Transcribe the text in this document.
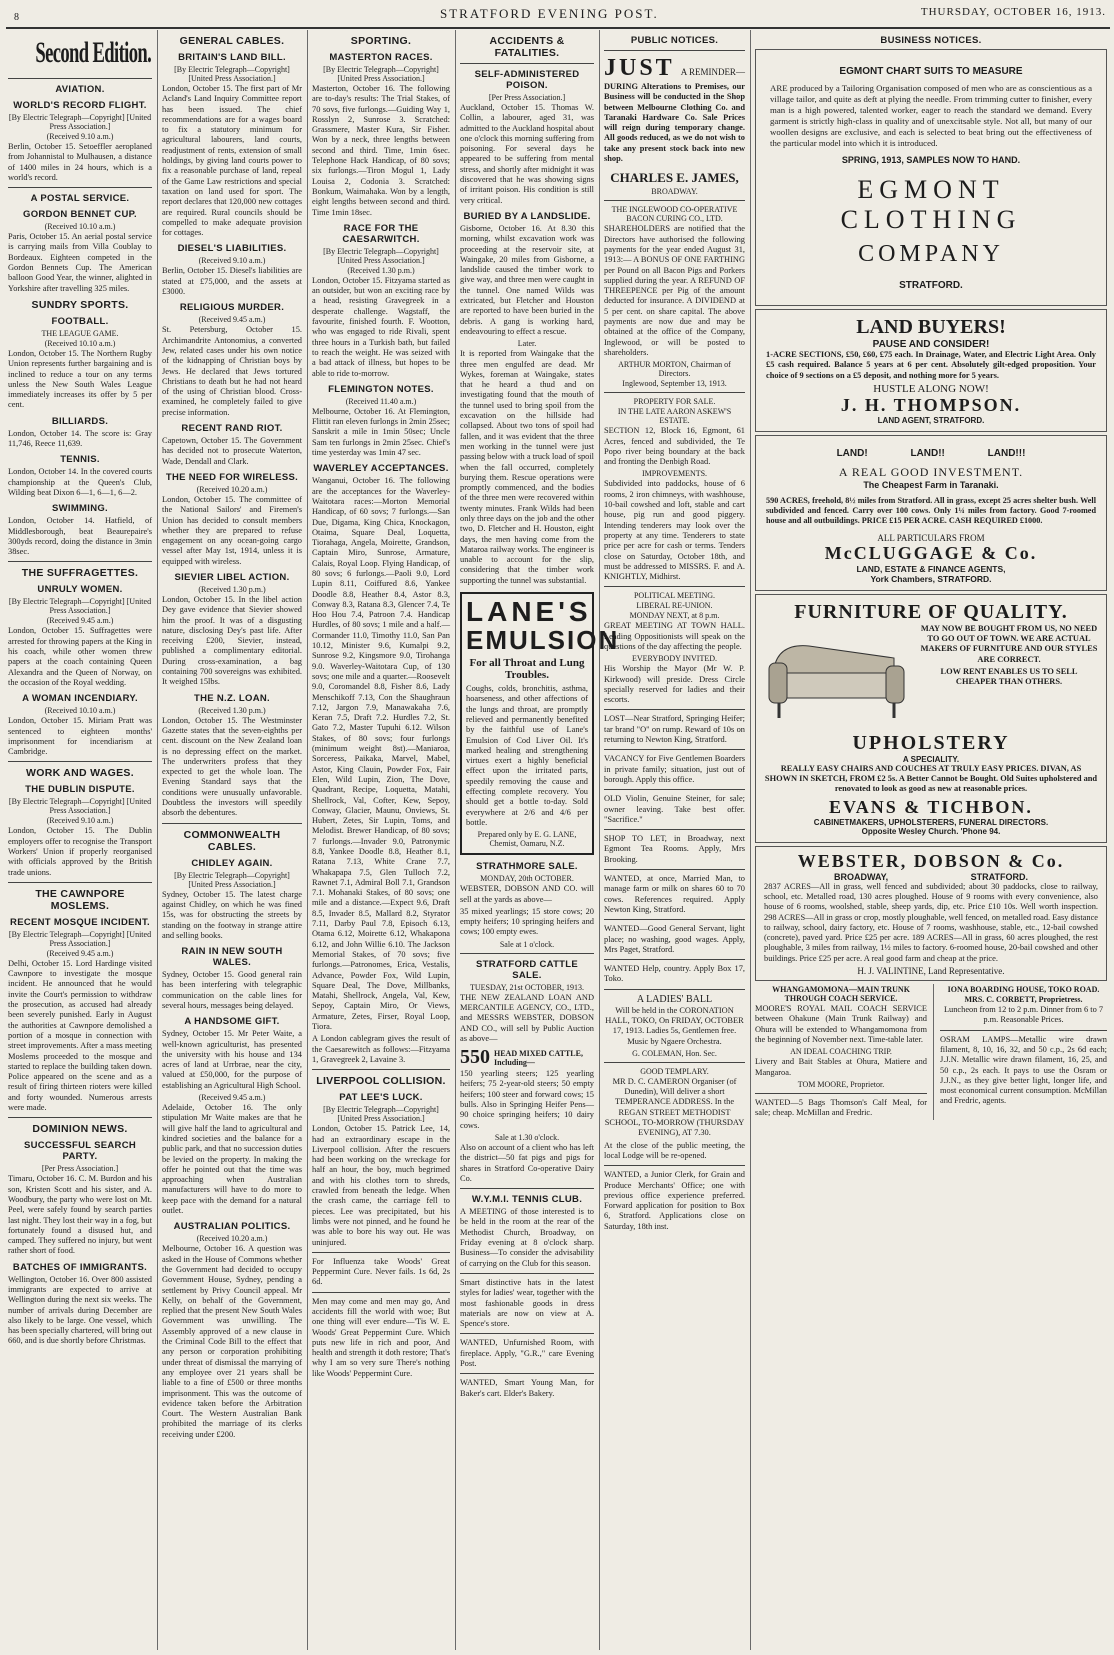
8	STRATFORD EVENING POST.	THURSDAY, OCTOBER 16, 1913.
Second Edition.
AVIATION.
WORLD'S RECORD FLIGHT.
[By Electric Telegraph—Copyright] [United Press Association.]
(Received 9.10 a.m.)

Berlin, October 15. Setoeffler aeroplaned from Johannistal to Mulhausen, a distance of 1400 miles in 24 hours, which is a world's record.

A POSTAL SERVICE.
GORDON BENNET CUP.
(Received 10.10 a.m.)

Paris, October 15. An aerial postal service is carrying mails from Villa Coublay to Bordeaux. Eighteen competed in the Gordon Bennets Cup. The American balloon Good Year, the winner, alighted in Yorkshire after travelling 325 miles.

SUNDRY SPORTS.
FOOTBALL.
THE LEAGUE GAME.
(Received 10.10 a.m.)

London, October 15. The Northern Rugby Union represents further bargaining and is inclined to reduce a tour on any terms unless the New South Wales League immediately increases its offer by 5 per cent.

BILLIARDS.

London, October 14. The score is: Gray 11,746, Reece 11,639.

TENNIS.

London, October 14. In the covered courts championship at the Queen's Club, Wilding beat Dixon 6—1, 6—1, 6—2.

SWIMMING.

London, October 14. Hatfield, of Middlesborough, beat Beaurepaire's 300yds record, doing the distance in 3min 38sec.

THE SUFFRAGETTES.
UNRULY WOMEN.
[By Electric Telegraph—Copyright] [United Press Association.]
(Received 9.45 a.m.)

London, October 15. Suffragettes were arrested for throwing papers at the King in his coach, while other women threw papers at the coach containing Queen Alexandra and the Queen of Norway, on the occasion of the Royal wedding.

A WOMAN INCENDIARY.
(Received 10.10 a.m.)

London, October 15. Miriam Pratt was sentenced to eighteen months' imprisonment for incendiarism at Cambridge.

WORK AND WAGES.
THE DUBLIN DISPUTE.
[By Electric Telegraph—Copyright] [United Press Association.]
(Received 9.10 a.m.)

London, October 15. The Dublin employers offer to recognise the Transport Workers' Union if properly reorganised with officials approved by the British trade unions.

THE CAWNPORE MOSLEMS.
RECENT MOSQUE INCIDENT.
[By Electric Telegraph—Copyright] [United Press Association.]
(Received 9.45 a.m.)

Delhi, October 15. Lord Hardinge visited Cawnpore to investigate the mosque incident. He announced that he would invite the Court's permission to withdraw the prosecution, as accused had already been severely punished. Early in August the authorities at Cawnpore demolished a portion of a mosque in connection with street improvements. After a mass meeting Moslems proceeded to the mosque and started to replace the building taken down. Police appeared on the scene and as a result of firing thirteen rioters were killed and forty wounded. Numerous arrests were made.

DOMINION NEWS.
SUCCESSFUL SEARCH PARTY.
[Per Press Association.]

Timaru, October 16. C. M. Burdon and his son, Kristen Scott and his sister, and A. Woodbury, the party who were lost on Mt. Peel, were safely found by search parties last night. They lost their way in a fog, but fortunately found a disused hut, and camped. They suffered no injury, but went rather short of food.

BATCHES OF IMMIGRANTS.

Wellington, October 16. Over 800 assisted immigrants are expected to arrive at Wellington during the next six weeks. The number of arrivals during December are also likely to be large. One vessel, which has been specially chartered, will bring out 660, and is due shortly before Christmas.

GENERAL CABLES.
BRITAIN'S LAND BILL.
[By Electric Telegraph—Copyright] [United Press Association.]

London, October 15. The first part of Mr Acland's Land Inquiry Committee report has been issued. The chief recommendations are for a wages board to fix a statutory minimum for agricultural labourers, land courts, readjustment of rents, extension of small holdings, by giving land courts power to fix a reasonable purchase of land, repeal of the Game Law restrictions and special taxation on land used for sport. The report declares that 120,000 new cottages are required. Rural councils should be compelled to make adequate provision for cottages.

DIESEL'S LIABILITIES.
(Received 9.10 a.m.)

Berlin, October 15. Diesel's liabilities are stated at £75,000, and the assets at £3000.

RELIGIOUS MURDER.
(Received 9.45 a.m.)

St. Petersburg, October 15. Archimandrite Antonomius, a converted Jew, related cases under his own notice of the kidnapping of Christian boys by Jews. He declared that Jews tortured Christians to death but he had not heard of the using of Christian blood. Cross-examined, he completely failed to give precise information.

RECENT RAND RIOT.

Capetown, October 15. The Government has decided not to prosecute Waterton, Wade, Dendall and Clark.

THE NEED FOR WIRELESS.
(Received 10.20 a.m.)

London, October 15. The committee of the National Sailors' and Firemen's Union has decided to consult members whether they are prepared to refuse engagement on any ocean-going cargo vessel after May 1st, 1914, unless it is equipped with wireless.

SIEVIER LIBEL ACTION.
(Received 1.30 p.m.)

London, October 15. In the libel action Dey gave evidence that Sievier showed him the proof. It was of a disgusting nature, disclosing Dey's past life. After receiving £200, Sievier, instead, published a complimentary editorial. During cross-examination, a bag containing 700 sovereigns was exhibited. It weighed 15lbs.

THE N.Z. LOAN.
(Received 1.30 p.m.)

London, October 15. The Westminster Gazette states that the seven-eighths per cent. discount on the New Zealand loan is no depressing effect on the market. The underwriters profess that they expected to get the whole loan. The Evening Standard says that the conditions were unusually unfavorable. Doubtless the investors will speedily absorb the debentures.

COMMONWEALTH CABLES.
CHIDLEY AGAIN.
[By Electric Telegraph—Copyright] [United Press Association.]

Sydney, October 15. The latest charge against Chidley, on which he was fined 15s, was for obstructing the streets by standing on the footway in strange attire and selling books.

RAIN IN NEW SOUTH WALES.

Sydney, October 15. Good general rain has been interfering with telegraphic communication on the cable lines for several hours, messages being delayed.

A HANDSOME GIFT.

Sydney, October 15. Mr Peter Waite, a well-known agriculturist, has presented the university with his house and 134 acres of land at Urrbrae, near the city, valued at £50,000, for the purpose of establishing an Agricultural High School.

(Received 9.45 a.m.)

Adelaide, October 16. The only stipulation Mr Waite makes are that he will give half the land to agricultural and kindred societies and the balance for a public park, and that no succession duties be levied on the property. In making the offer he pointed out that the time was approaching when Australian manufacturers will have to do more to keep pace with the demand for a natural outlet.

AUSTRALIAN POLITICS.
(Received 10.20 a.m.)

Melbourne, October 16. A question was asked in the House of Commons whether the Government had decided to occupy Government House, Sydney, pending a settlement by Privy Council appeal. Mr Kelly, on behalf of the Government, replied that the present New South Wales Government was unwilling. The Assembly approved of a new clause in the Criminal Code Bill to the effect that any person or corporation prohibiting under threat of dismissal the marrying of any employee over 21 years shall be liable to a fine of £500 or three months imprisonment. This was the outcome of evidence taken before the Arbitration Court. The Western Australian Bank prohibited the marriage of its clerks receiving under £200.

SPORTING.
MASTERTON RACES.
[By Electric Telegraph—Copyright] [United Press Association.]

Masterton, October 16. The following are to-day's results: The Trial Stakes, of 70 sovs, five furlongs.—Guiding Way 1, Rosslyn 2, Sunrose 3. Scratched: Grassmere, Master Kura, Sir Fisher. Won by a neck, three lengths between second and third. Time, 1min 6sec. Telephone Hack Handicap, of 80 sovs; six furlongs.—Tiron Mogul 1, Lady Louisa 2, Codonia 3. Scratched: Bonkum, Waimahaka. Won by a length, eight lengths between second and third. Time 1min 18sec.

RACE FOR THE CAESARWITCH.
[By Electric Telegraph—Copyright] [United Press Association.]
(Received 1.30 p.m.)

London, October 15. Fitzyama started as an outsider, but won an exciting race by a head, resisting Gravegreek in a desperate challenge. Wagstaff, the favourite, finished fourth. F. Wootton, who was engaged to ride Rivali, spent three hours in a Turkish bath, but failed to reach the weight. He was seized with a bad attack of illness, but hopes to be able to ride to-morrow.

FLEMINGTON NOTES.
(Received 11.40 a.m.)

Melbourne, October 16. At Flemington, Flittit ran eleven furlongs in 2min 25sec; Sanskrit a mile in 1min 50sec; Uncle Sam ten furlongs in 2min 25sec. Chief's time yesterday was 1min 47 sec.

WAVERLEY ACCEPTANCES.

Wanganui, October 16. The following are the acceptances for the Waverley-Waitotara races:—Morton Memorial Handicap, of 60 sovs; 7 furlongs.—San Due, Digama, King Chica, Knockagon, Otaima, Square Deal, Loquetta, Tiorahaga, Angela, Moirette, Grandson, Captain Miro, Sunrose, Armature, Calais, Royal Loop. Flying Handicap, of 80 sovs; 6 furlongs.—Paoli 9.0, Lord Lupin 8.11, Coiffured 8.6, Yankee Doodle 8.8, Heather 8.4, Astor 8.3, Conway 8.3, Ratana 8.3, Glencer 7.4, Te Hoo Hou 7.4, Patroon 7.4. Handicap Hurdles, of 80 sovs; 1 mile and a half.—Cormander 11.0, Timothy 11.0, San Pan 10.12, Minister 9.6, Kumalpi 9.2, Sunrose 9.2, Kingsmore 9.0, Tirohanga 9.0. Waverley-Waitotara Cup, of 130 sovs; one mile and a quarter.—Roosevelt 9.0, Coromandel 8.8, Fisher 8.6, Lady Menschikoff 7.13, Con the Shaughraun 7.12, Jargon 7.9, Manawakaha 7.6, Keran 7.5, Draft 7.2. Hurdles 7.2, St. Gato 7.2, Master Tupuhi 6.12. Wilson Stakes, of 80 sovs; four furlongs (minimum weight 8st).—Maniaroa, Sorceress, Paikaka, Marvel, Mabel, Astor, King Clauin, Powder Fox, Fair Elen, Wild Lupin, Zion, The Dove, Quadrant, Recipe, Loquetta, Matahi, Shellrock, Val, Cofter, Kew, Sepoy, Conway, Glacier, Maunu, Onviews, St. Hubert, Zetes, Sir Lupin, Toms, and Melodist. Brewer Handicap, of 80 sovs; 7 furlongs.—Invader 9.0, Patronymic 8.8, Yankee Doodle 8.8, Heather 8.1, Ratana 7.13, White Crane 7.7, Whakapapa 7.5, Glen Tulloch 7.2, Rawnet 7.1, Admiral Boll 7.1, Grandson 7.1. Mohanaki Stakes, of 80 sovs; one mile and a distance.—Expect 9.6, Draft 8.5, Invader 8.5, Mallard 8.2, Styrator 7.11, Darby Paul 7.8, Episoch 6.13, Otama 6.12, Moirette 6.12, Whakapona 6.12, and John Willie 6.10. The Jackson Memorial Stakes, of 70 sovs; five furlongs.—Patronomes, Erica, Vestalis, Advance, Powder Fox, Wild Lupin, Square Deal, The Dove, Millbanks, Matahi, Shellrock, Angela, Val, Kew, Sepoy, Captain Miro, Or Views, Armature, Zetes, Firser, Royal Loop, Tiora.

A London cablegram gives the result of the Caesarewitch as follows:—Fitzyama 1, Gravegreek 2, Lavaine 3.

LIVERPOOL COLLISION.
PAT LEE'S LUCK.
[By Electric Telegraph—Copyright] [United Press Association.]

London, October 15. Patrick Lee, 14, had an extraordinary escape in the Liverpool collision. After the rescuers had been working on the wreckage for half an hour, the boy, much begrimed and with his clothes torn to shreds, crawled from beneath the ledge. When the crash came, the carriage fell to pieces. Lee was precipitated, but his limbs were not pinned, and he found he was able to bore his way out. He was uninjured.

For Influenza take Woods' Great Peppermint Cure. Never fails. 1s 6d, 2s 6d.

Men may come and men may go, And accidents fill the world with woe; But one thing will ever endure—'Tis W. E. Woods' Great Peppermint Cure. Which puts new life in rich and poor, And health and strength it doth restore; That's why I am so very sure There's nothing like Woods' Peppermint Cure.

ACCIDENTS & FATALITIES.
SELF-ADMINISTERED POISON.
[Per Press Association.]

Auckland, October 15. Thomas W. Collin, a labourer, aged 31, was admitted to the Auckland hospital about one o'clock this morning suffering from poisoning. For several days he appeared to be suffering from mental stress, and shortly after midnight it was discovered that he was showing signs of irritant poison. His condition is still very critical.

BURIED BY A LANDSLIDE.

Gisborne, October 16. At 8.30 this morning, whilst excavation work was proceeding at the reservoir site, at Waingake, 20 miles from Gisborne, a landslide caused the timber work to give way, and three men were caught in the tunnel. One named Wilds was extricated, but Fletcher and Houston are reported to have been buried in the debris. A gang is working hard, endeavouring to effect a rescue.

Later.

It is reported from Waingake that the three men engulfed are dead. Mr Wykes, foreman at Waingake, states that he heard a thud and on investigating found that the mouth of the tunnel used to bring spoil from the excavation on the hillside had collapsed. About two tons of spoil had fallen, and it was evident that the three men working in the tunnel were just passing below with a truck load of spoil when the fall occurred, completely burying them. Rescue operations were promptly commenced, and the bodies of the three men were recovered within twenty minutes. Frank Wilds had been only three days on the job and the other two, D. Fletcher and H. Houston, eight days, the men having come from the Mataroa railway works. The engineer is unable to account for the slip, considering that the timber work supporting the tunnel was substantial.

LANE'S
EMULSION
For all Throat and Lung Troubles.

Coughs, colds, bronchitis, asthma, hoarseness, and other affections of the lungs and throat, are promptly relieved and permanently benefited by the faithful use of Lane's Emulsion of Cod Liver Oil. It's marked healing and strengthening virtues exert a highly beneficial effect upon the irritated parts, speedily removing the cause and effecting complete recovery. You should get a bottle to-day. Sold everywhere at 2/6 and 4/6 per bottle.

Prepared only by E. G. LANE, Chemist, Oamaru, N.Z.
STRATHMORE SALE.
MONDAY, 20th OCTOBER.

WEBSTER, DOBSON AND CO. will sell at the yards as above—

35 mixed yearlings; 15 store cows; 20 empty heifers; 10 springing heifers and cows; 100 empty ewes.

Sale at 1 o'clock.
STRATFORD CATTLE SALE.
TUESDAY, 21st OCTOBER, 1913.

THE NEW ZEALAND LOAN AND MERCANTILE AGENCY, CO., LTD., and MESSRS WEBSTER, DOBSON AND CO., will sell by Public Auction as above—

550 HEAD MIXED CATTLE, Including—

150 yearling steers; 125 yearling heifers; 75 2-year-old steers; 50 empty heifers; 100 steer and forward cows; 15 bulls. Also in Springing Heifer Pens—90 choice springing heifers; 10 dairy cows.

Sale at 1.30 o'clock.

Also on account of a client who has left the district—50 fat pigs and pigs for shares in Stratford Co-operative Dairy Co.

W.Y.M.I. TENNIS CLUB.

A MEETING of those interested is to be held in the room at the rear of the Methodist Church, Broadway, on Friday evening at 8 o'clock sharp. Business—To consider the advisability of carrying on the Club for this season.

Smart distinctive hats in the latest styles for ladies' wear, together with the most fashionable goods in dress materials are now on view at A. Spence's store.

WANTED, Unfurnished Room, with fireplace. Apply, "G.R.," care Evening Post.

WANTED, Smart Young Man, for Baker's cart. Elder's Bakery.

PUBLIC NOTICES.
JUST A REMINDER—

DURING Alterations to Premises, our Business will be conducted in the Shop between Melbourne Clothing Co. and Taranaki Hardware Co. Sale Prices will reign during temporary change. All goods reduced, as we do not wish to take any present stock back into new shop.

CHARLES E. JAMES,
BROADWAY.
THE INGLEWOOD CO-OPERATIVE BACON CURING CO., LTD.

SHAREHOLDERS are notified that the Directors have authorised the following payments for the year ended August 31, 1913:— A BONUS OF ONE FARTHING per Pound on all Bacon Pigs and Porkers supplied during the year. A REFUND OF THREEPENCE per Pig of the amount deducted for insurance. A DIVIDEND at 5 per cent. on share capital. The above payments are now due and may be obtained at the office of the Company, Inglewood, or will be posted to shareholders.

ARTHUR MORTON, Chairman of Directors.
Inglewood, September 13, 1913.
PROPERTY FOR SALE.
IN THE LATE AARON ASKEW'S ESTATE.

SECTION 12, Block 16, Egmont, 61 Acres, fenced and subdivided, the Te Popo river being boundary at the back and fronting the Denbigh Road.

IMPROVEMENTS.

Subdivided into paddocks, house of 6 rooms, 2 iron chimneys, with washhouse, 10-bail cowshed and loft, stable and cart house, pig run and good piggery. Intending tenderers may look over the property at any time. Tenderers to state price per acre for cash or terms. Tenders close on Saturday, October 18th, and must be addressed to MISSRS. F. and A. KNIGHTLY, Midhirst.

POLITICAL MEETING.
LIBERAL RE-UNION.
MONDAY NEXT, at 8 p.m.

GREAT MEETING AT TOWN HALL. Leading Oppositionists will speak on the questions of the day affecting the people.

EVERYBODY INVITED.

His Worship the Mayor (Mr W. P. Kirkwood) will preside. Dress Circle specially reserved for ladies and their escorts.

LOST—Near Stratford, Springing Heifer; tar brand "O" on rump. Reward of 10s on returning to Newton King, Stratford.

VACANCY for Five Gentlemen Boarders in private family; situation, just out of borough. Apply this office.

OLD Violin, Genuine Steiner, for sale; owner leaving. Take best offer. "Sacrifice."

SHOP TO LET, in Broadway, next Egmont Tea Rooms. Apply, Mrs Brooking.

WANTED, at once, Married Man, to manage farm or milk on shares 60 to 70 cows. References required. Apply Newton King, Stratford.

WANTED—Good General Servant, light place; no washing, good wages. Apply, Mrs Paget, Stratford.

WANTED Help, country. Apply Box 17, Toko.

A LADIES' BALL

Will be held in the CORONATION HALL, TOKO, On FRIDAY, OCTOBER 17, 1913. Ladies 5s, Gentlemen free. Music by Ngaere Orchestra.

G. COLEMAN, Hon. Sec.
GOOD TEMPLARY.

MR D. C. CAMERON Organiser (of Dunedin), Will deliver a short TEMPERANCE ADDRESS. In the REGAN STREET METHODIST SCHOOL, TO-MORROW (THURSDAY EVENING), AT 7.30.

At the close of the public meeting, the local Lodge will be re-opened.

WANTED, a Junior Clerk, for Grain and Produce Merchants' Office; one with previous office experience preferred. Forward application for position to Box 6, Stratford. Applications close on Saturday, 18th inst.

BUSINESS NOTICES.
EGMONT CHART SUITS TO MEASURE

ARE produced by a Tailoring Organisation composed of men who are as conscientious as a village tailor, and quite as deft at plying the needle. From trimming cutter to finisher, every man is a high powered, talented worker, eager to reach the standard we demand. Every garment is strictly high-class in quality and of unexcitsable style. Not all, but many of our woollen designs are exclusive, and each is selected to beat bring out the effectiveness of the particular model into which it is introduced.

SPRING, 1913, SAMPLES NOW TO HAND.
EGMONT CLOTHING
COMPANY
STRATFORD.
LAND BUYERS!
PAUSE AND CONSIDER!

1-ACRE SECTIONS, £50, £60, £75 each. In Drainage, Water, and Electric Light Area. Only £5 cash required. Balance 5 years at 6 per cent. Absolutely gilt-edged proposition. Your choice of 9 sections on a £5 deposit, and nothing more for 5 years.

HUSTLE ALONG NOW!
J. H. THOMPSON.
LAND AGENT, STRATFORD.
LAND! LAND!! LAND!!!
A REAL GOOD INVESTMENT.
The Cheapest Farm in Taranaki.

590 ACRES, freehold, 8½ miles from Stratford. All in grass, except 25 acres shelter bush. Well subdivided and fenced. Carry over 100 cows. Only 1¼ miles from factory. Good 7-roomed house and all outbuildings. PRICE £15 PER ACRE. CASH REQUIRED £1000.

ALL PARTICULARS FROM
McCLUGGAGE & Co.
LAND, ESTATE & FINANCE AGENTS,
York Chambers, STRATFORD.
FURNITURE OF QUALITY.

MAY NOW BE BOUGHT FROM US, NO NEED TO GO OUT OF TOWN. WE ARE ACTUAL MAKERS OF FURNITURE AND OUR STYLES ARE CORRECT.

LOW RENT ENABLES US TO SELL CHEAPER THAN OTHERS.

UPHOLSTERY
A SPECIALITY.

REALLY EASY CHAIRS AND COUCHES AT TRULY EASY PRICES. DIVAN, AS SHOWN IN SKETCH, FROM £2 5s. A Better Cannot be Bought. Old Suites upholstered and renovated to look as good as new at reasonable prices.

EVANS & TICHBON.
CABINETMAKERS, UPHOLSTERERS, FUNERAL DIRECTORS.
Opposite Wesley Church. 'Phone 94.
WEBSTER, DOBSON & Co.
BROADWAY, STRATFORD.

2837 ACRES—All in grass, well fenced and subdivided; about 30 paddocks, close to railway, school, etc. Metalled road, 130 acres ploughed. House of 9 rooms with every convenience, also house of 6 rooms, woolshed, stable, sheep yards, dip, etc. Price £10 10s. Well worth inspection. 298 ACRES—All in grass or crop, mostly ploughable, well fenced, on metalled road. Easy distance to railway, school, dairy factory, etc. House of 7 rooms, washhouse, stable, etc., 12-bail cowshed (concrete), paved yard. Price £25 per acre. 189 ACRES—All in grass, 60 acres ploughed, the rest ploughable, 3 miles from railway, 1½ miles to factory. 6-roomed house, 20-bail cowshed and other buildings. Price £25 per acre. A real good farm and cheap at the price.

H. J. VALINTINE, Land Representative.
WHANGAMOMONA—MAIN TRUNK THROUGH COACH SERVICE.

MOORE'S ROYAL MAIL COACH SERVICE between Ohakune (Main Trunk Railway) and Ohura will be extended to Whangamomona from the beginning of November next. Time-table later.

AN IDEAL COACHING TRIP.

Livery and Bait Stables at Ohura, Matiere and Mangaroa.

TOM MOORE, Proprietor.

WANTED—5 Bags Thomson's Calf Meal, for sale; cheap. McMillan and Fredric.

IONA BOARDING HOUSE, TOKO ROAD.
MRS. C. CORBETT, Proprietress.

Luncheon from 12 to 2 p.m. Dinner from 6 to 7 p.m. Reasonable Prices.

OSRAM LAMPS—Metallic wire drawn filament, 8, 10, 16, 32, and 50 c.p., 2s 6d each; J.J.N. Metallic wire drawn filament, 16, 25, and 50 c.p., 2s each. It pays to use the Osram or J.J.N., as they give better light, longer life, and most economical current consumption. McMillan and Fredric, agents.
